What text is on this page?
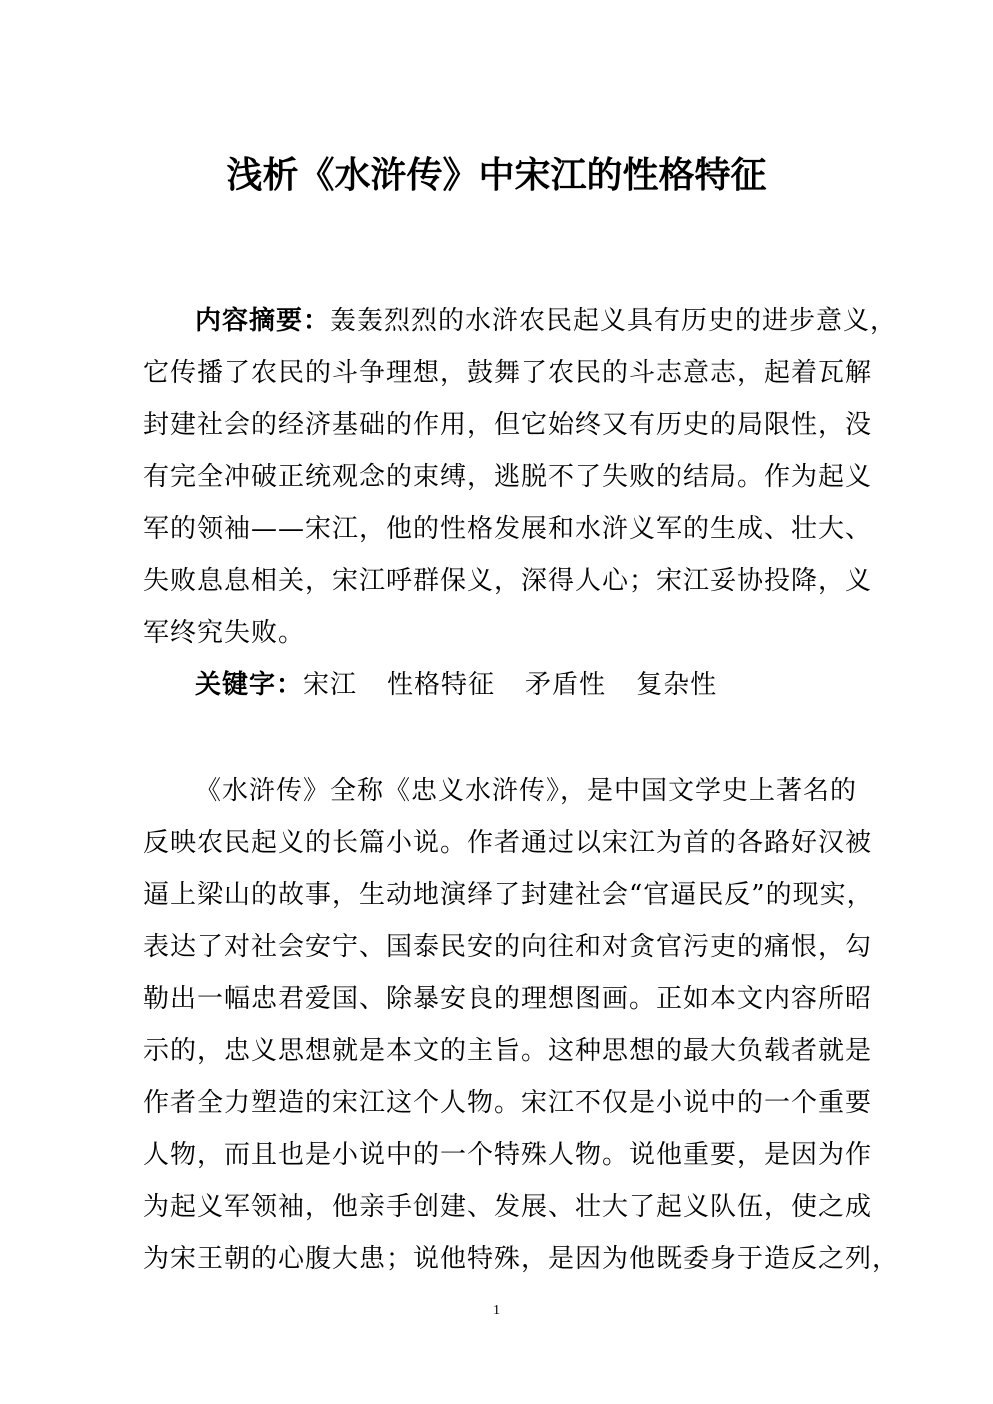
浅析《水浒传》中宋江的性格特征
内容摘要：轰轰烈烈的水浒农民起义具有历史的进步意义，
它传播了农民的斗争理想，鼓舞了农民的斗志意志，起着瓦解
封建社会的经济基础的作用，但它始终又有历史的局限性，没
有完全冲破正统观念的束缚，逃脱不了失败的结局。作为起义
军的领袖——宋江，他的性格发展和水浒义军的生成、壮大、
失败息息相关，宋江呼群保义，深得人心；宋江妥协投降，义
军终究失败。
关键字：宋江 性格特征 矛盾性 复杂性
《水浒传》全称《忠义水浒传》，是中国文学史上著名的
反映农民起义的长篇小说。作者通过以宋江为首的各路好汉被
逼上梁山的故事，生动地演绎了封建社会“官逼民反”的现实，
表达了对社会安宁、国泰民安的向往和对贪官污吏的痛恨，勾
勒出一幅忠君爱国、除暴安良的理想图画。正如本文内容所昭
示的，忠义思想就是本文的主旨。这种思想的最大负载者就是
作者全力塑造的宋江这个人物。宋江不仅是小说中的一个重要
人物，而且也是小说中的一个特殊人物。说他重要，是因为作
为起义军领袖，他亲手创建、发展、壮大了起义队伍，使之成
为宋王朝的心腹大患；说他特殊，是因为他既委身于造反之列，
1
